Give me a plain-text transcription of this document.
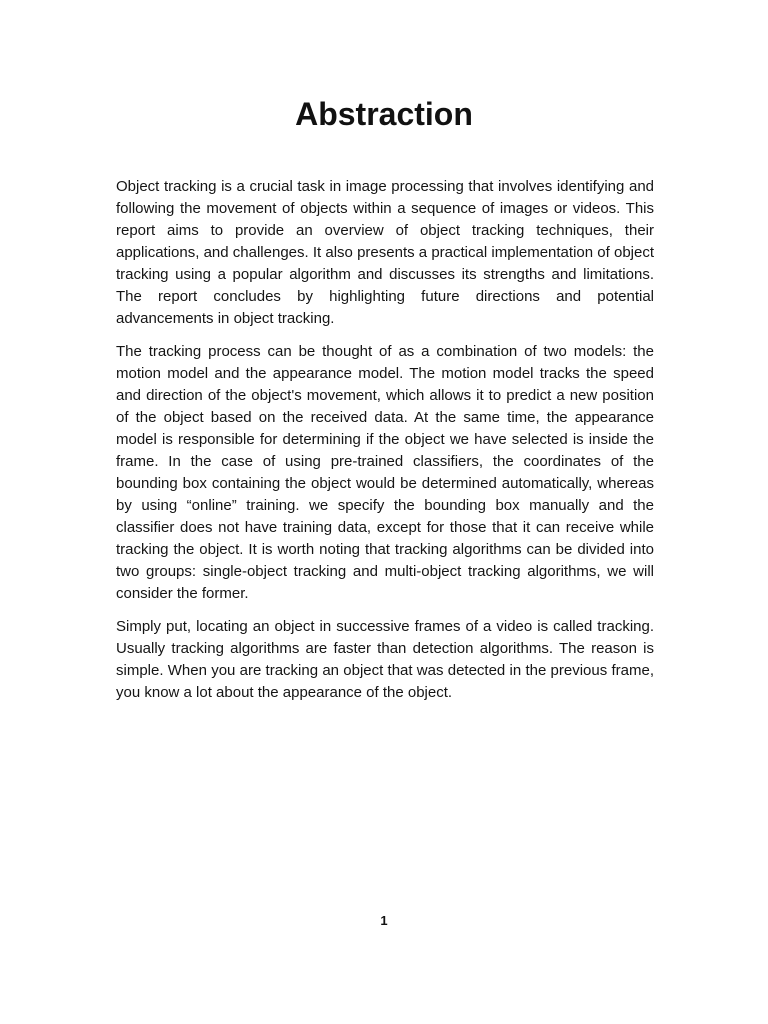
Abstraction

Object tracking is a crucial task in image processing that involves identifying and following the movement of objects within a sequence of images or videos. This report aims to provide an overview of object tracking techniques, their applications, and challenges. It also presents a practical implementation of object tracking using a popular algorithm and discusses its strengths and limitations. The report concludes by highlighting future directions and potential advancements in object tracking.

The tracking process can be thought of as a combination of two models: the motion model and the appearance model. The motion model tracks the speed and direction of the object's movement, which allows it to predict a new position of the object based on the received data. At the same time, the appearance model is responsible for determining if the object we have selected is inside the frame. In the case of using pre-trained classifiers, the coordinates of the bounding box containing the object would be determined automatically, whereas by using “online” training. we specify the bounding box manually and the classifier does not have training data, except for those that it can receive while tracking the object. It is worth noting that tracking algorithms can be divided into two groups: single-object tracking and multi-object tracking algorithms, we will consider the former.

Simply put, locating an object in successive frames of a video is called tracking. Usually tracking algorithms are faster than detection algorithms. The reason is simple. When you are tracking an object that was detected in the previous frame, you know a lot about the appearance of the object.

1
